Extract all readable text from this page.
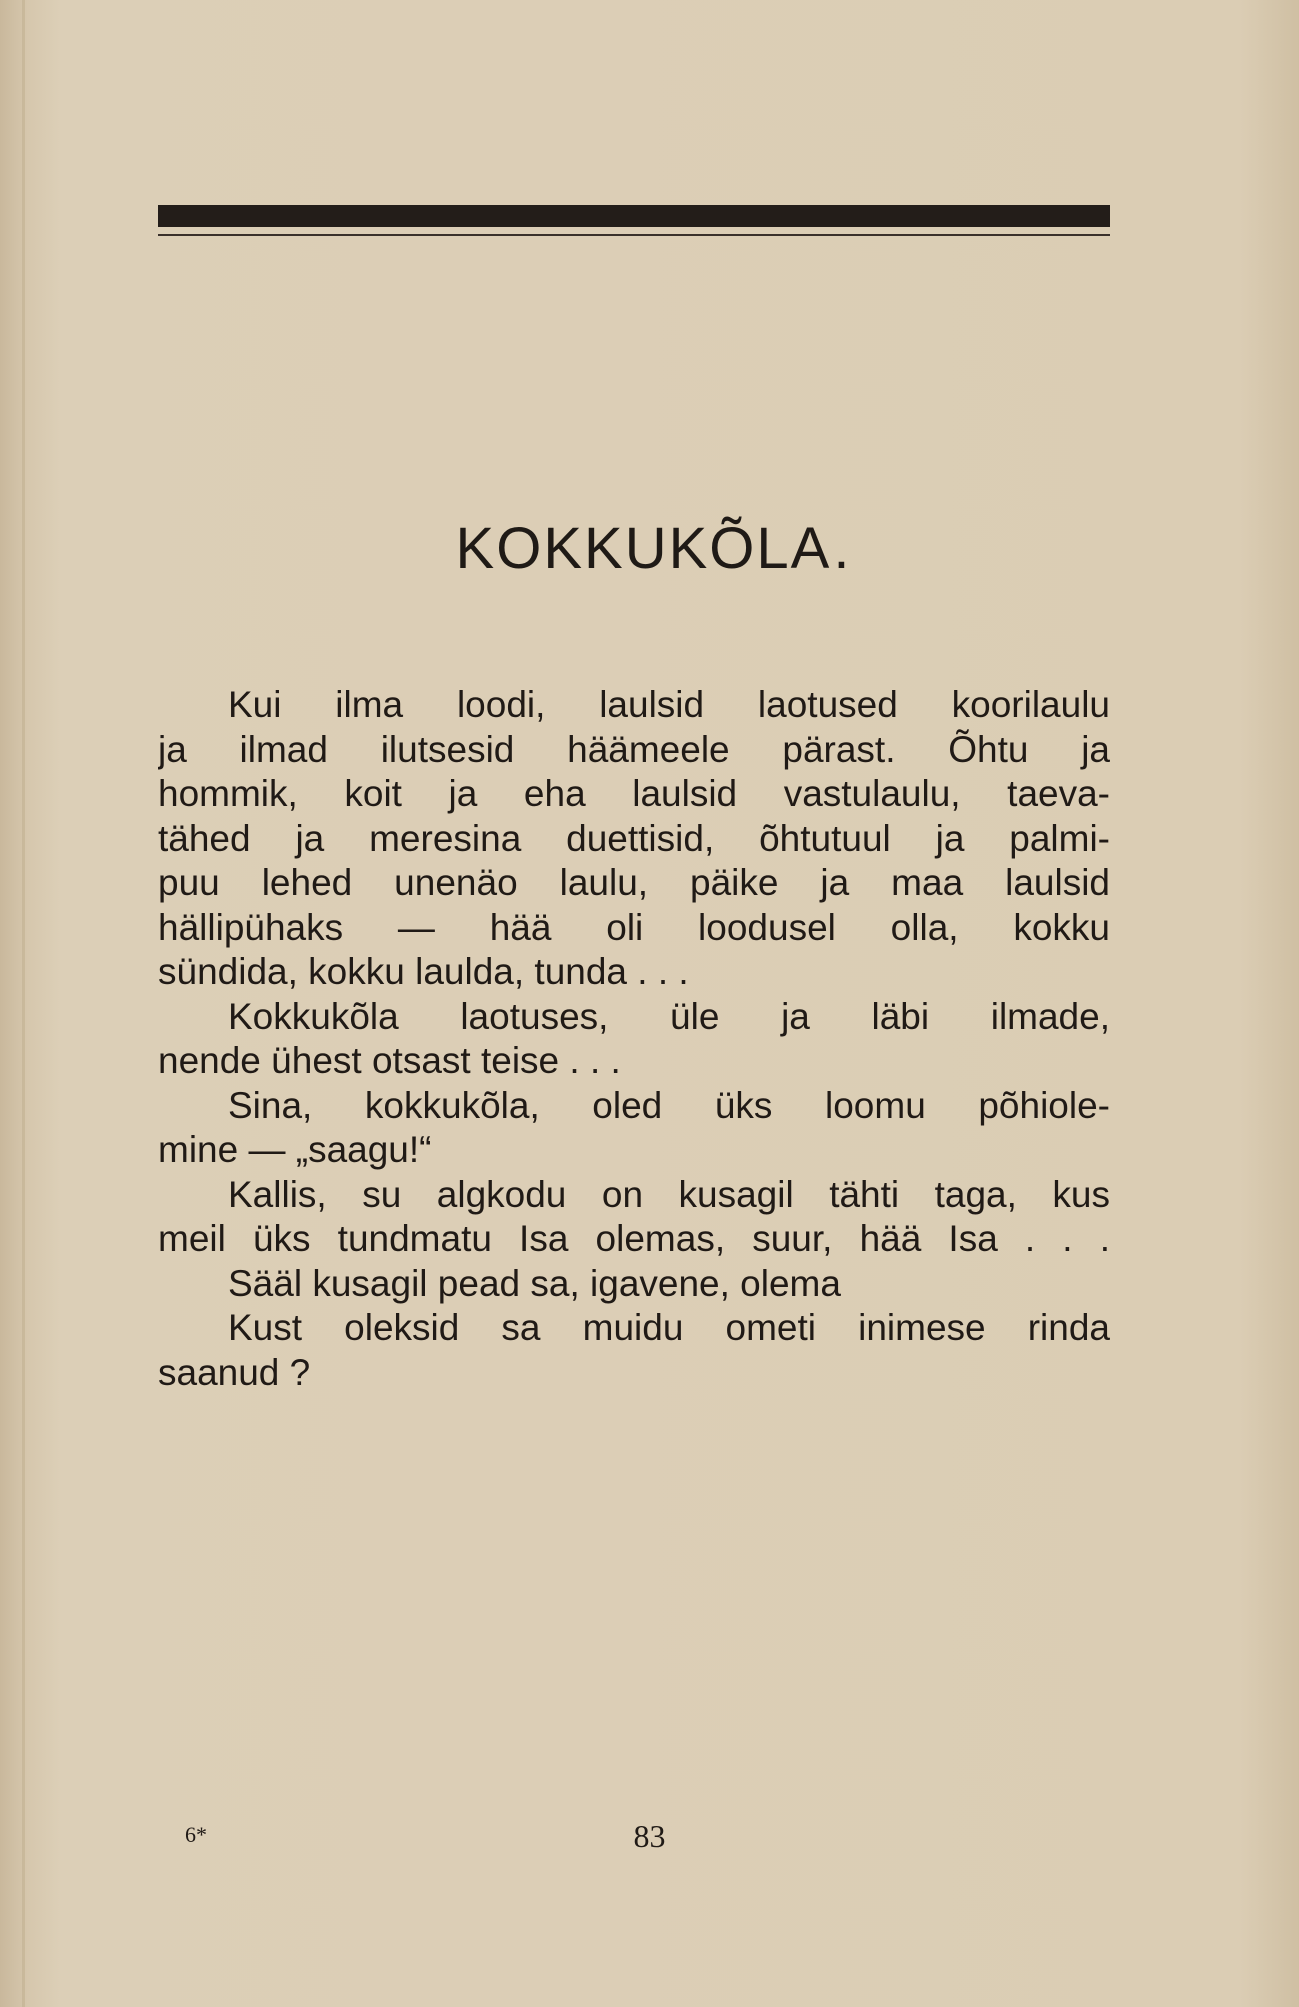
KOKKUKÕLA.
Kui ilma loodi, laulsid laotused koorilaulu
ja ilmad ilutsesid häämeele pärast. Õhtu ja
hommik, koit ja eha laulsid vastulaulu, taeva-
tähed ja meresina duettisid, õhtutuul ja palmi-
puu lehed unenäo laulu, päike ja maa laulsid
hällipühaks — hää oli loodusel olla, kokku
sündida, kokku laulda, tunda . . .
Kokkukõla laotuses, üle ja läbi ilmade,
nende ühest otsast teise . . .
Sina, kokkukõla, oled üks loomu põhiole-
mine — „saagu!“
Kallis, su algkodu on kusagil tähti taga, kus
meil üks tundmatu Isa olemas, suur, hää Isa . . .
Sääl kusagil pead sa, igavene, olema
Kust oleksid sa muidu ometi inimese rinda
saanud ?
6*	83
